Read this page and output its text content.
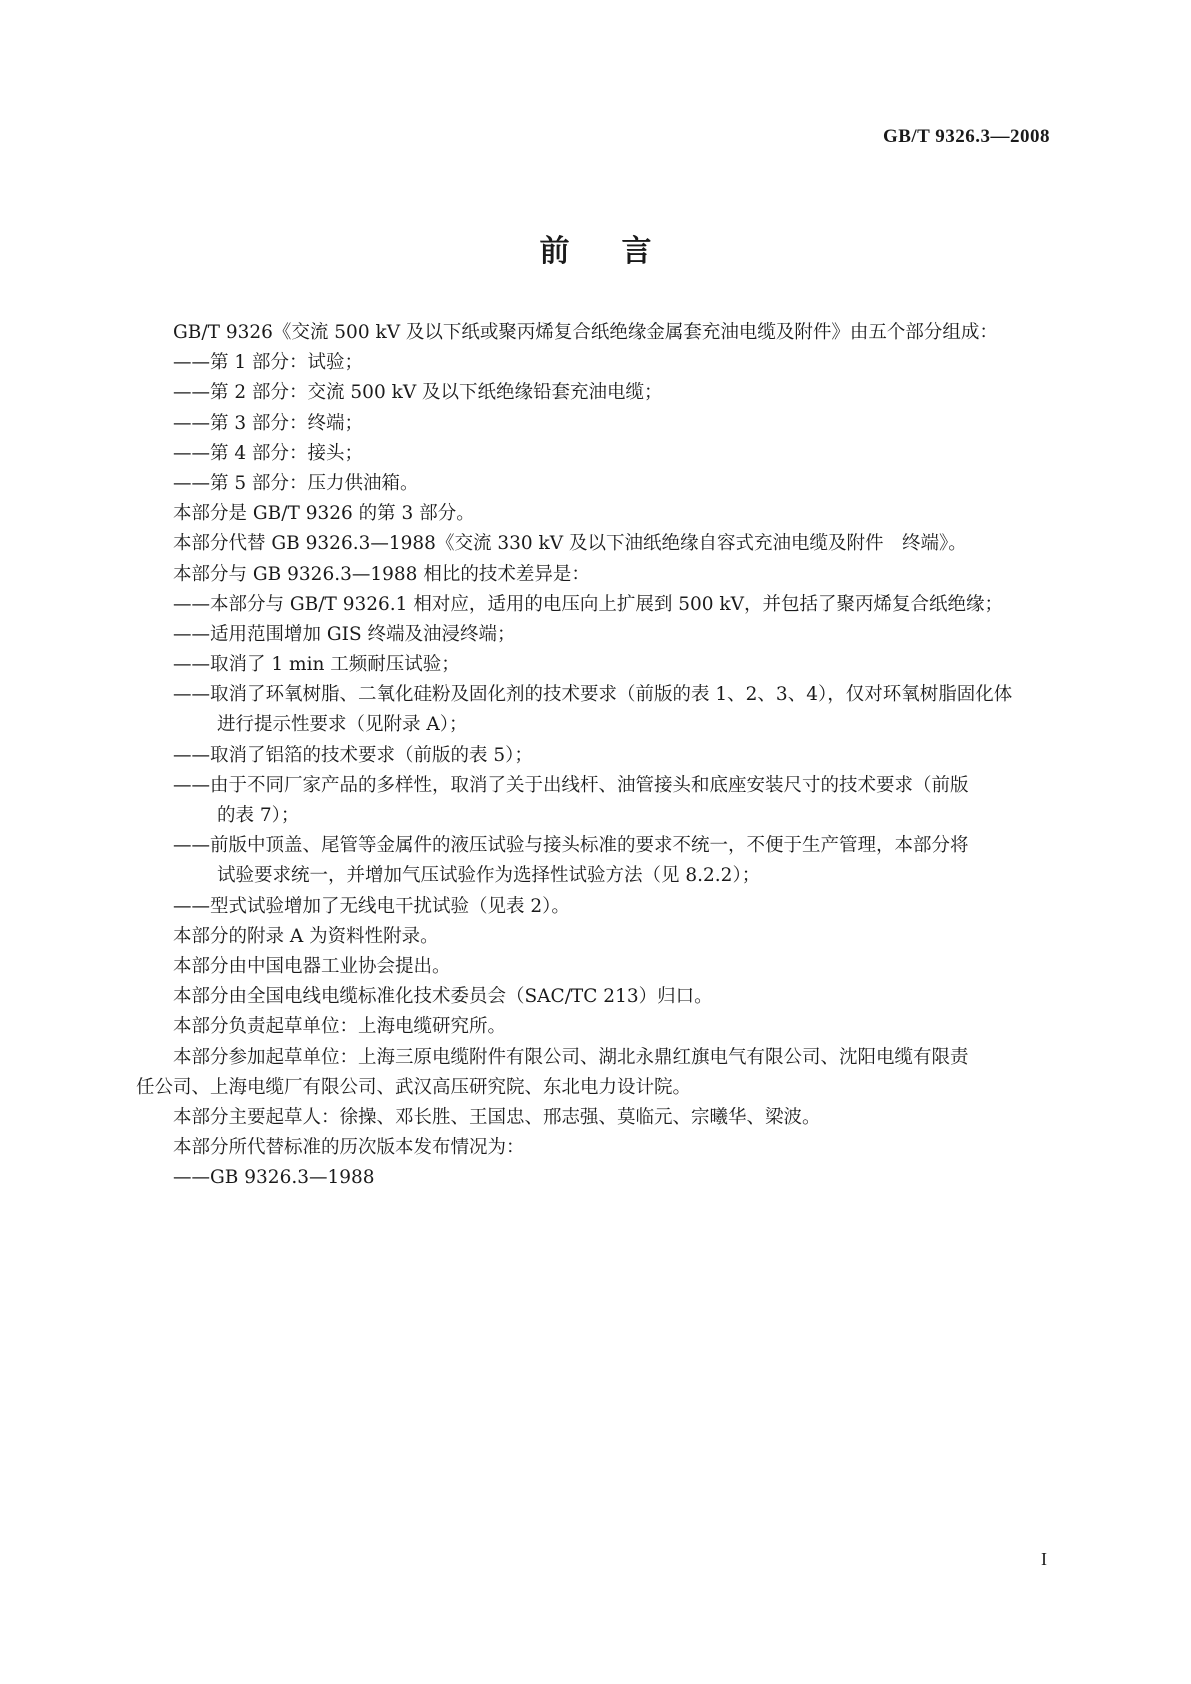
GB/T 9326.3—2008
前言
GB/T 9326《交流 500 kV 及以下纸或聚丙烯复合纸绝缘金属套充油电缆及附件》由五个部分组成：
——第 1 部分：试验；
——第 2 部分：交流 500 kV 及以下纸绝缘铅套充油电缆；
——第 3 部分：终端；
——第 4 部分：接头；
——第 5 部分：压力供油箱。
本部分是 GB/T 9326 的第 3 部分。
本部分代替 GB 9326.3—1988《交流 330 kV 及以下油纸绝缘自容式充油电缆及附件　终端》。
本部分与 GB 9326.3—1988 相比的技术差异是：
——本部分与 GB/T 9326.1 相对应，适用的电压向上扩展到 500 kV，并包括了聚丙烯复合纸绝缘；
——适用范围增加 GIS 终端及油浸终端；
——取消了 1 min 工频耐压试验；
——取消了环氧树脂、二氧化硅粉及固化剂的技术要求（前版的表 1、2、3、4），仅对环氧树脂固化体
进行提示性要求（见附录 A）；
——取消了铝箔的技术要求（前版的表 5）；
——由于不同厂家产品的多样性，取消了关于出线杆、油管接头和底座安装尺寸的技术要求（前版
的表 7）；
——前版中顶盖、尾管等金属件的液压试验与接头标准的要求不统一，不便于生产管理，本部分将
试验要求统一，并增加气压试验作为选择性试验方法（见 8.2.2）；
——型式试验增加了无线电干扰试验（见表 2）。
本部分的附录 A 为资料性附录。
本部分由中国电器工业协会提出。
本部分由全国电线电缆标准化技术委员会（SAC/TC 213）归口。
本部分负责起草单位：上海电缆研究所。
本部分参加起草单位：上海三原电缆附件有限公司、湖北永鼎红旗电气有限公司、沈阳电缆有限责
任公司、上海电缆厂有限公司、武汉高压研究院、东北电力设计院。
本部分主要起草人：徐操、邓长胜、王国忠、邢志强、莫临元、宗曦华、梁波。
本部分所代替标准的历次版本发布情况为：
——GB 9326.3—1988
I
